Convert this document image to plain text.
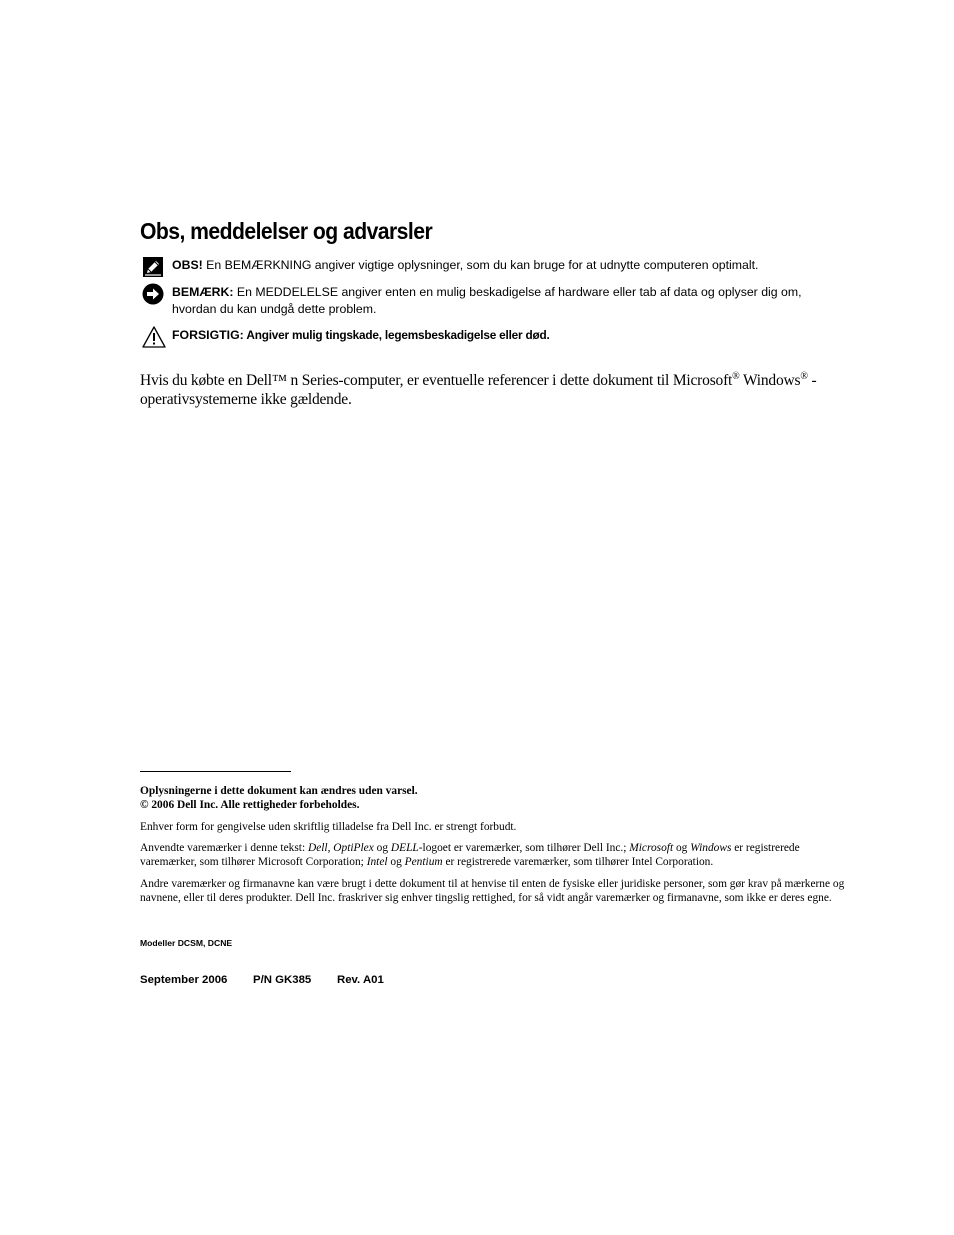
Obs, meddelelser og advarsler
OBS! En BEMÆRKNING angiver vigtige oplysninger, som du kan bruge for at udnytte computeren optimalt.
BEMÆRK: En MEDDELELSE angiver enten en mulig beskadigelse af hardware eller tab af data og oplyser dig om, hvordan du kan undgå dette problem.
FORSIGTIG: Angiver mulig tingskade, legemsbeskadigelse eller død.
Hvis du købte en Dell™ n Series-computer, er eventuelle referencer i dette dokument til Microsoft® Windows® -operativsystemerne ikke gældende.
Oplysningerne i dette dokument kan ændres uden varsel.
© 2006 Dell Inc. Alle rettigheder forbeholdes.
Enhver form for gengivelse uden skriftlig tilladelse fra Dell Inc. er strengt forbudt.
Anvendte varemærker i denne tekst: Dell, OptiPlex og DELL-logoet er varemærker, som tilhører Dell Inc.; Microsoft og Windows er registrerede varemærker, som tilhører Microsoft Corporation; Intel og Pentium er registrerede varemærker, som tilhører Intel Corporation.
Andre varemærker og firmanavne kan være brugt i dette dokument til at henvise til enten de fysiske eller juridiske personer, som gør krav på mærkerne og navnene, eller til deres produkter. Dell Inc. fraskriver sig enhver tingslig rettighed, for så vidt angår varemærker og firmanavne, som ikke er deres egne.
Modeller DCSM, DCNE
September 2006 P/N GK385 Rev. A01
